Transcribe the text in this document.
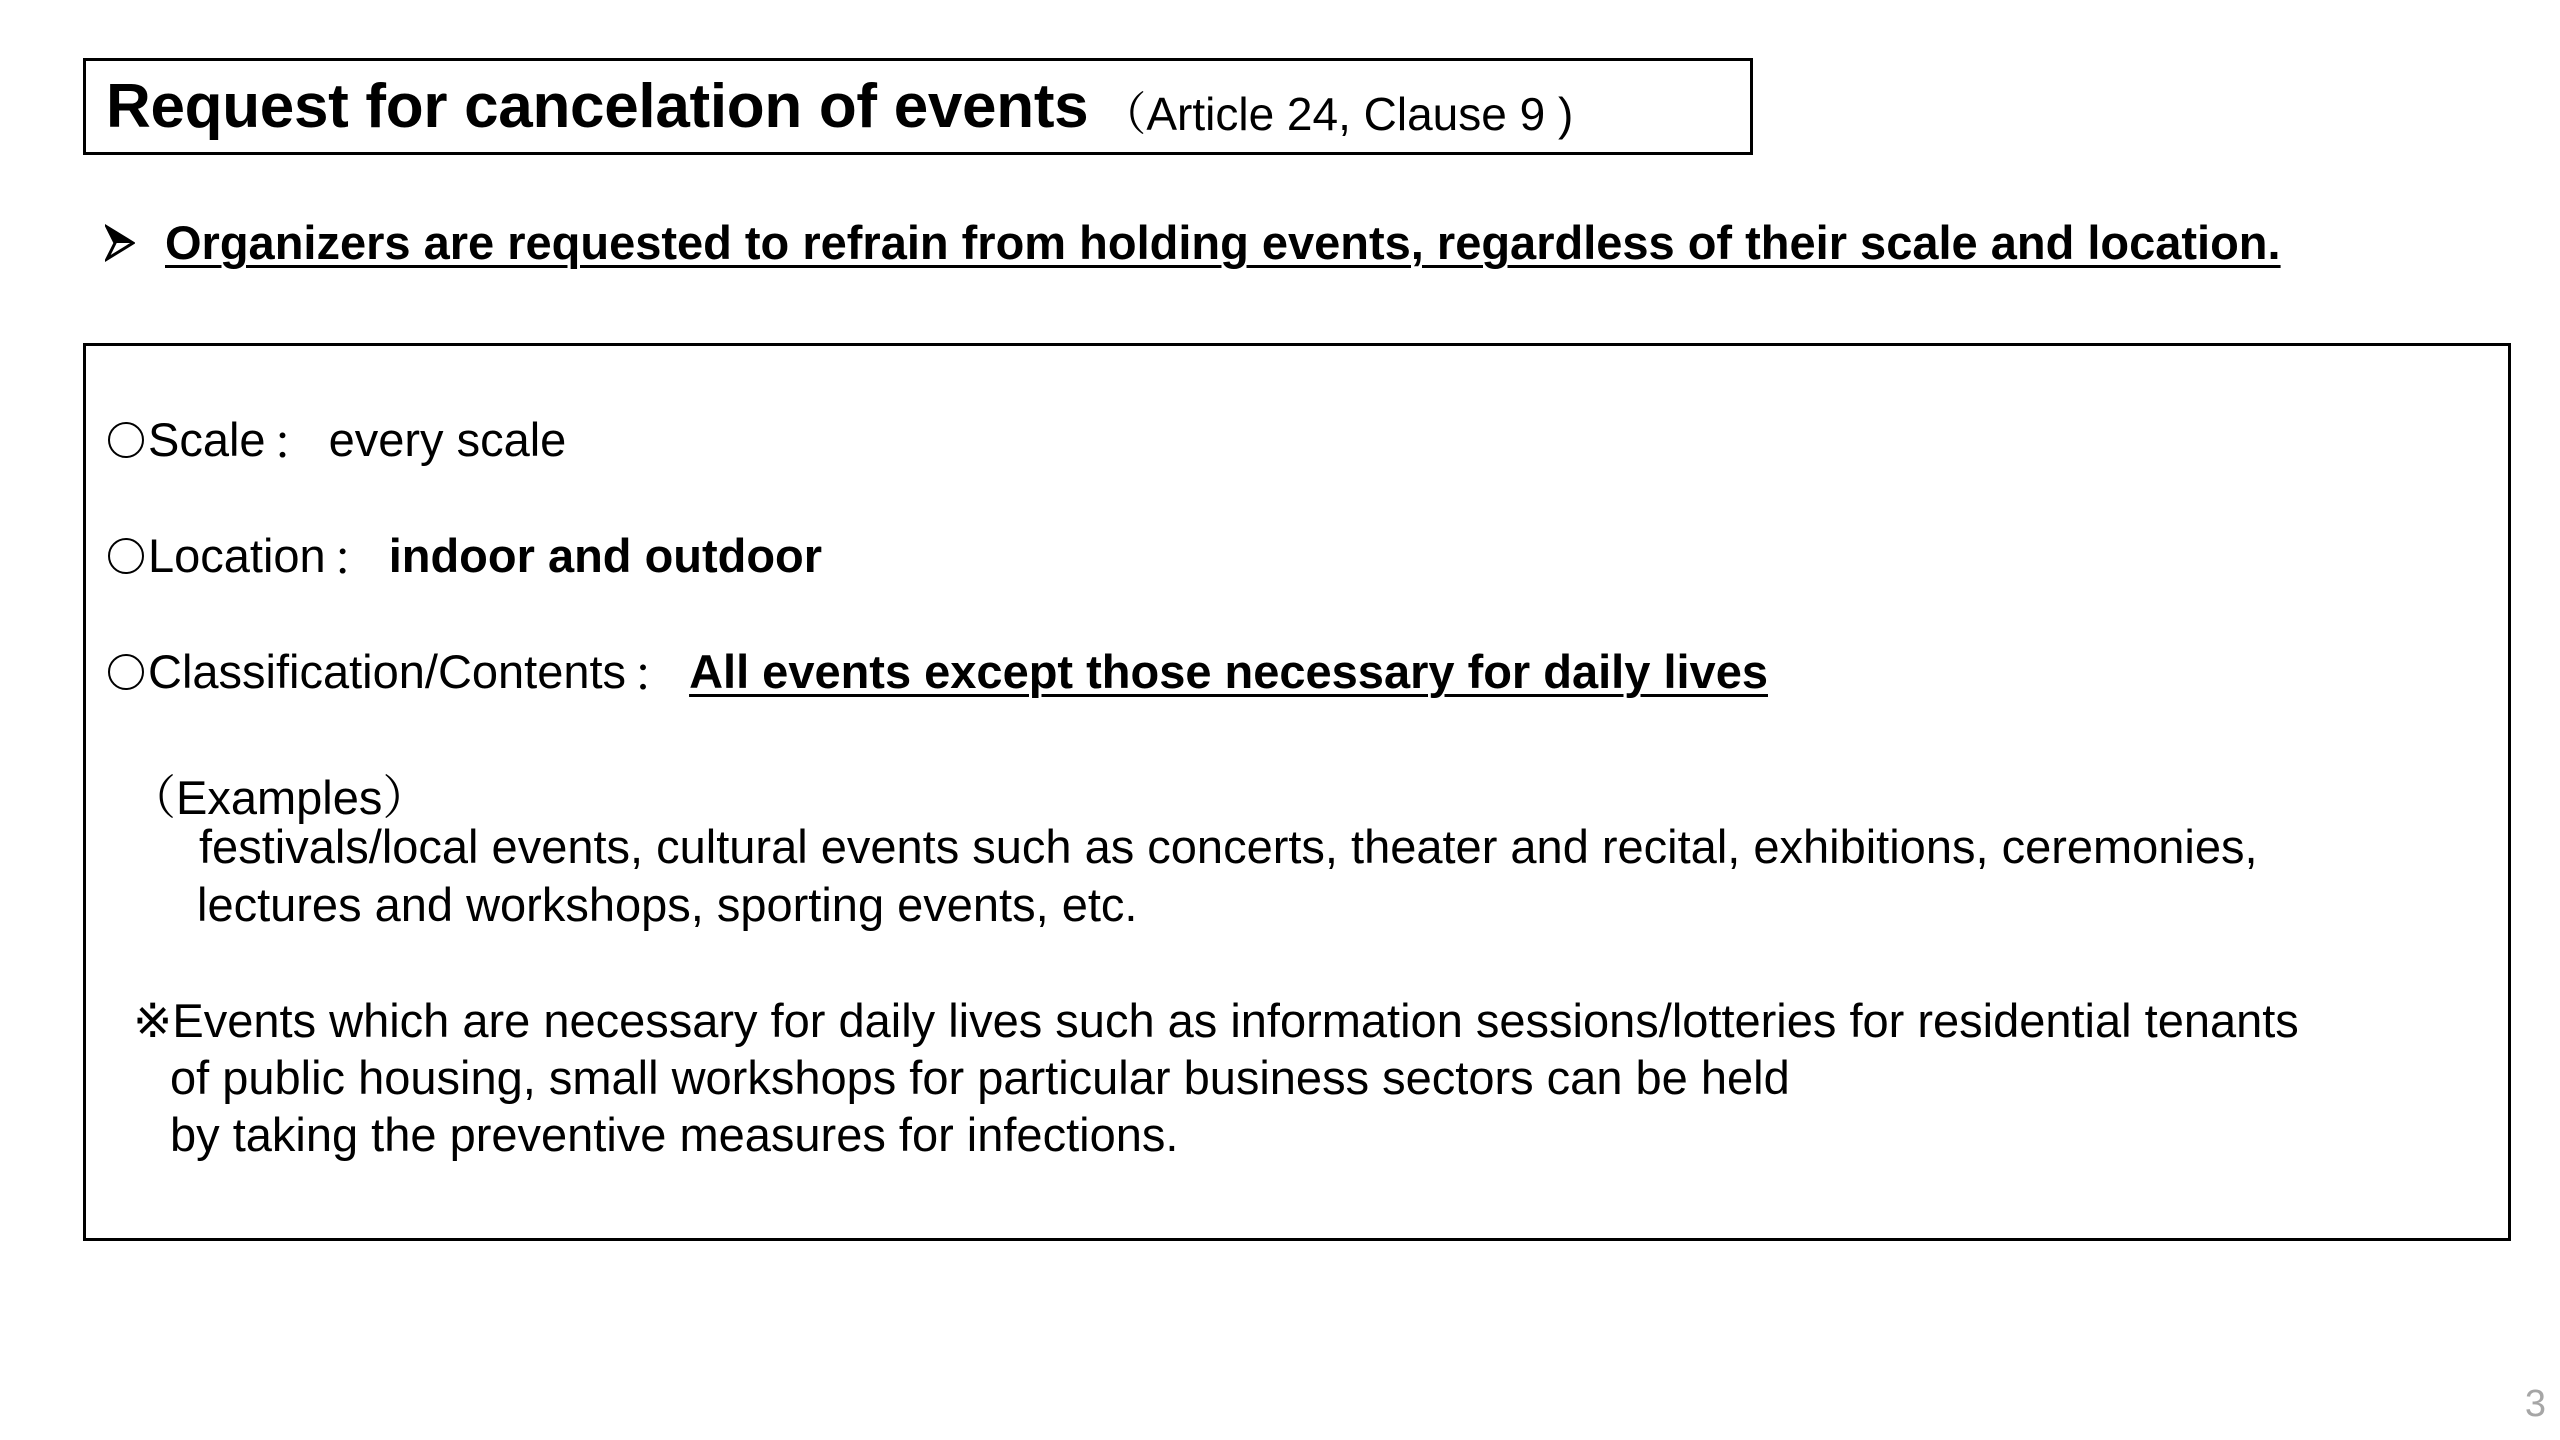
Request for cancelation of events （Article 24, Clause 9 )
Organizers are requested to refrain from holding events, regardless of their scale and location.
Scale ： every scale
Location ： indoor and outdoor
Classification/Contents ： All events except those necessary for daily lives
（Examples）
festivals/local events, cultural events such as concerts, theater and recital, exhibitions, ceremonies,
lectures and workshops, sporting events, etc.
※Events which are necessary for daily lives such as information sessions/lotteries for residential tenants
of public housing, small workshops for particular business sectors can be held
by taking the preventive measures for infections.
3
